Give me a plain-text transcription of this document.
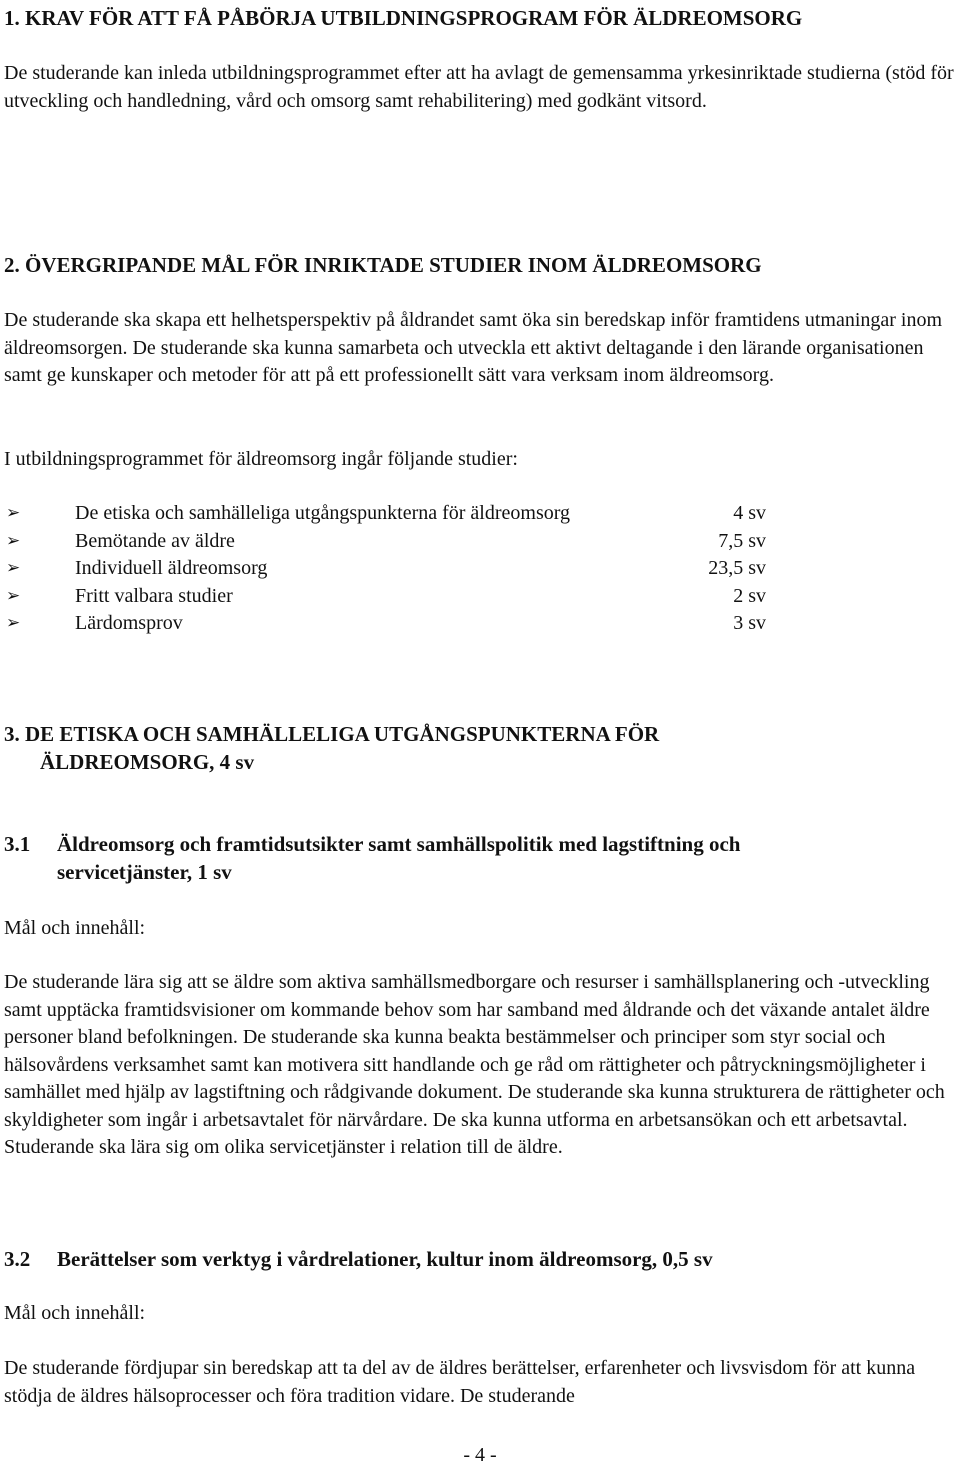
1. KRAV FÖR ATT FÅ PÅBÖRJA UTBILDNINGSPROGRAM FÖR ÄLDREOMSORG

De studerande kan inleda utbildningsprogrammet efter att ha avlagt de gemensamma yrkesinriktade studierna (stöd för utveckling och handledning, vård och omsorg samt rehabilitering) med godkänt vitsord.

2. ÖVERGRIPANDE MÅL FÖR INRIKTADE STUDIER INOM ÄLDREOMSORG

De studerande ska skapa ett helhetsperspektiv på åldrandet samt öka sin beredskap inför framtidens utmaningar inom äldreomsorgen. De studerande ska kunna samarbeta och utveckla ett aktivt deltagande i den lärande organisationen samt ge kunskaper och metoder för att på ett professionellt sätt vara verksam inom äldreomsorg.

I utbildningsprogrammet för äldreomsorg ingår följande studier:

➢	De etiska och samhälleliga utgångspunkterna för äldreomsorg	4 sv
➢	Bemötande av äldre	7,5 sv
➢	Individuell äldreomsorg	23,5 sv
➢	Fritt valbara studier	2 sv
➢	Lärdomsprov	3 sv
3. DE ETISKA OCH SAMHÄLLELIGA UTGÅNGSPUNKTERNA FÖR
ÄLDREOMSORG, 4 sv
3.1 Äldreomsorg och framtidsutsikter samt samhällspolitik med lagstiftning och
servicetjänster, 1 sv

Mål och innehåll:

De studerande lära sig att se äldre som aktiva samhällsmedborgare och resurser i samhällsplanering och -utveckling samt upptäcka framtidsvisioner om kommande behov som har samband med åldrande och det växande antalet äldre personer bland befolkningen. De studerande ska kunna beakta bestämmelser och principer som styr social och hälsovårdens verksamhet samt kan motivera sitt handlande och ge råd om rättigheter och påtryckningsmöjligheter i samhället med hjälp av lagstiftning och rådgivande dokument. De studerande ska kunna strukturera de rättigheter och skyldigheter som ingår i arbetsavtalet för närvårdare. De ska kunna utforma en arbetsansökan och ett arbetsavtal. Studerande ska lära sig om olika servicetjänster i relation till de äldre.

3.2 Berättelser som verktyg i vårdrelationer, kultur inom äldreomsorg, 0,5 sv

Mål och innehåll:

De studerande fördjupar sin beredskap att ta del av de äldres berättelser, erfarenheter och livsvisdom för att kunna stödja de äldres hälsoprocesser och föra tradition vidare. De studerande

- 4 -
